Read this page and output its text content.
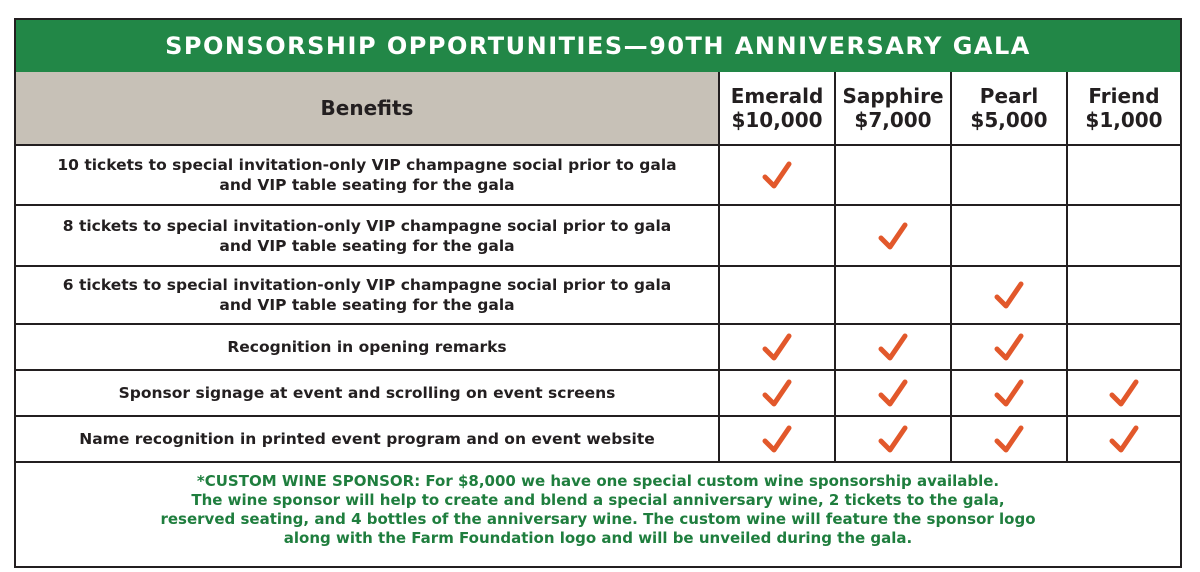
SPONSORSHIP OPPORTUNITIES—90TH ANNIVERSARY GALA
Benefits	Emerald
$10,000
Sapphire
$7,000
Pearl
$5,000
Friend
$1,000
10 tickets to special invitation-only VIP champagne social prior to gala
and VIP table seating for the gala
8 tickets to special invitation-only VIP champagne social prior to gala
and VIP table seating for the gala
6 tickets to special invitation-only VIP champagne social prior to gala
and VIP table seating for the gala
Recognition in opening remarks
Sponsor signage at event and scrolling on event screens
Name recognition in printed event program and on event website
*CUSTOM WINE SPONSOR: For $8,000 we have one special custom wine sponsorship available.
The wine sponsor will help to create and blend a special anniversary wine, 2 tickets to the gala,
reserved seating, and 4 bottles of the anniversary wine. The custom wine will feature the sponsor logo
along with the Farm Foundation logo and will be unveiled during the gala.
